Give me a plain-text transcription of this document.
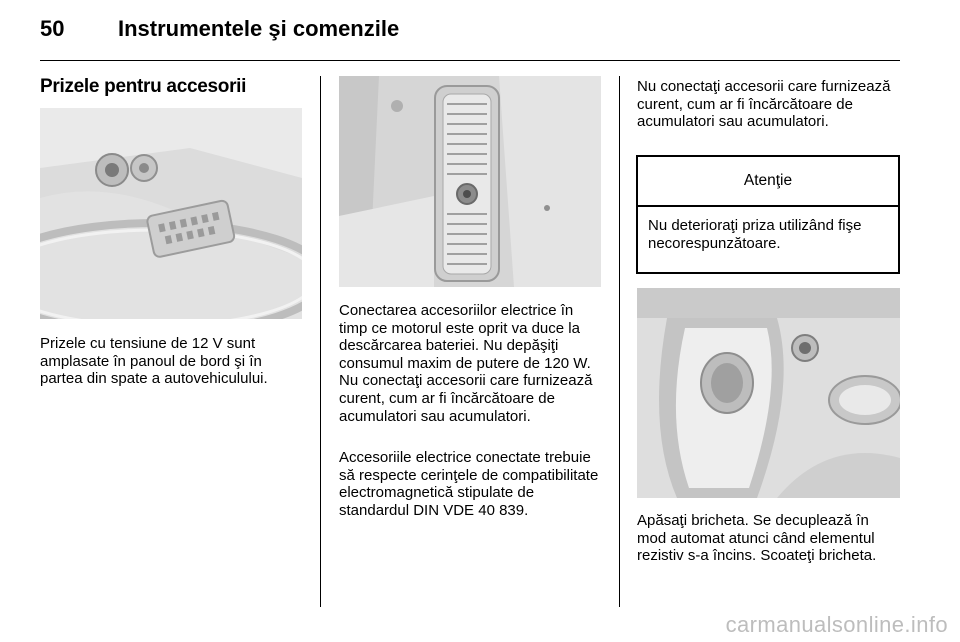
50 Instrumentele şi comenzile
Prizele pentru accesorii

Prizele cu tensiune de 12 V sunt amplasate în panoul de bord şi în partea din spate a autovehiculului.

Conectarea accesoriilor electrice în timp ce motorul este oprit va duce la descărcarea bateriei. Nu depăşiţi consumul maxim de putere de 120 W. Nu conectaţi accesorii care furnizează curent, cum ar fi încărcătoare de acumulatori sau acumulatori.

Accesoriile electrice conectate trebuie să respecte cerinţele de compatibilitate electromagnetică stipulate de standardul DIN VDE 40 839.

Nu conectaţi accesorii care furnizează curent, cum ar fi încărcătoare de acumulatori sau acumulatori.

Atenţie
Nu deterioraţi priza utilizând fişe necorespunzătoare.

Apăsaţi bricheta. Se decuplează în mod automat atunci când elementul rezistiv s-a încins. Scoateţi bricheta.

carmanualsonline.info
